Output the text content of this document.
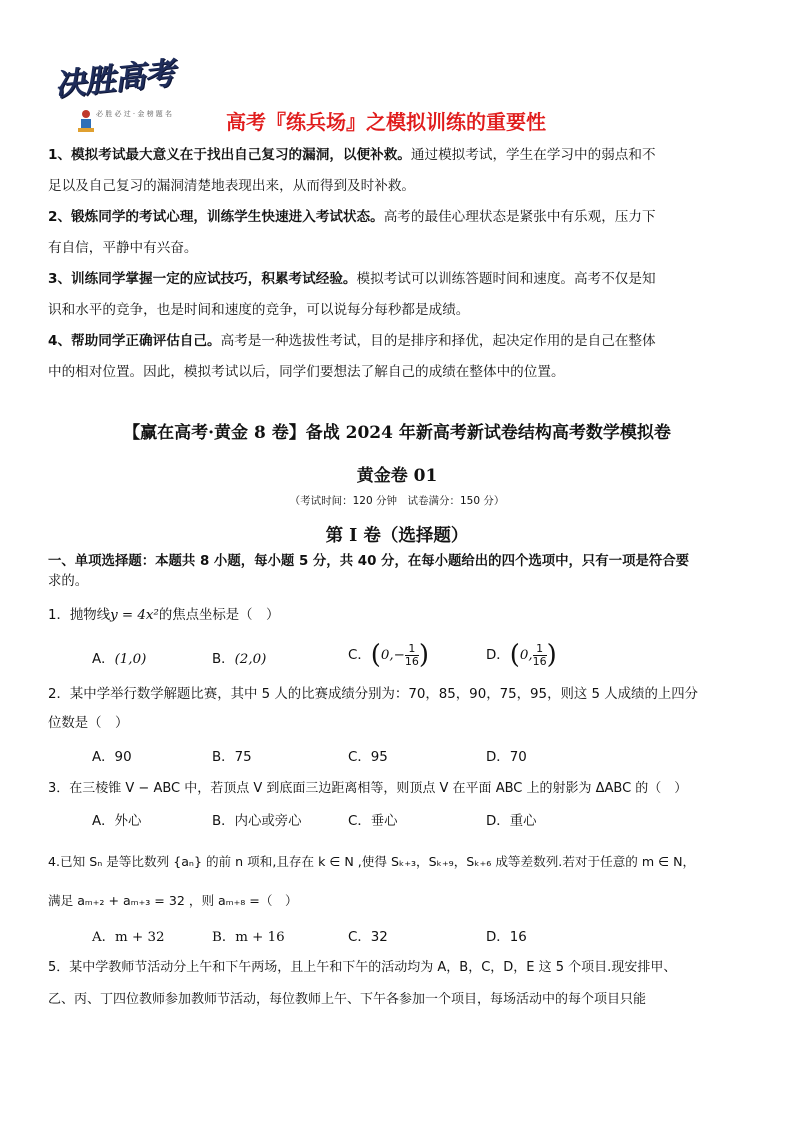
决胜高考
必 胜 必 过 · 金 榜 题 名	高考『练兵场』之模拟训练的重要性
1、模拟考试最大意义在于找出自己复习的漏洞，以便补救。通过模拟考试，学生在学习中的弱点和不
足以及自己复习的漏洞清楚地表现出来，从而得到及时补救。
2、锻炼同学的考试心理，训练学生快速进入考试状态。高考的最佳心理状态是紧张中有乐观，压力下
有自信，平静中有兴奋。
3、训练同学掌握一定的应试技巧，积累考试经验。模拟考试可以训练答题时间和速度。高考不仅是知
识和水平的竞争，也是时间和速度的竞争，可以说每分每秒都是成绩。
4、帮助同学正确评估自己。高考是一种选拔性考试，目的是排序和择优，起决定作用的是自己在整体
中的相对位置。因此，模拟考试以后，同学们要想法了解自己的成绩在整体中的位置。
【赢在高考·黄金 8 卷】备战 2024 年新高考新试卷结构高考数学模拟卷
黄金卷 01
（考试时间：120 分钟　试卷满分：150 分）
第 I 卷（选择题）
一、单项选择题：本题共 8 小题，每小题 5 分，共 40 分，在每小题给出的四个选项中，只有一项是符合要
求的。
1．抛物线y = 4x²的焦点坐标是（　）
A．(1,0)	B．(2,0)	C．($0,- \frac{1}{16}$ )	D．(0, $\frac{1}{16}$ )
2．某中学举行数学解题比赛，其中 5 人的比赛成绩分别为：70，85，90，75，95，则这 5 人成绩的上四分
位数是（　）
A．90	B．75	C．95	D．70
3．在三棱锥 V − ABC 中，若顶点 V 到底面三边距离相等，则顶点 V 在平面 ABC 上的射影为 ΔABC 的（　）
A．外心	B．内心或旁心	C．垂心	D．重心
4.已知 Sₙ 是等比数列 {aₙ} 的前 n 项和,且存在 k ∈ N ,使得 Sₖ₊₃，Sₖ₊₉，Sₖ₊₆ 成等差数列.若对于任意的 m ∈ N，
满足 aₘ₊₂ + aₘ₊₃ = 32 ，则 aₘ₊₈ =（　）
A．m + 32	B．m + 16	C．32	D．16
5．某中学教师节活动分上午和下午两场，且上午和下午的活动均为 A，B，C，D，E 这 5 个项目.现安排甲、
乙、丙、丁四位教师参加教师节活动，每位教师上午、下午各参加一个项目，每场活动中的每个项目只能
